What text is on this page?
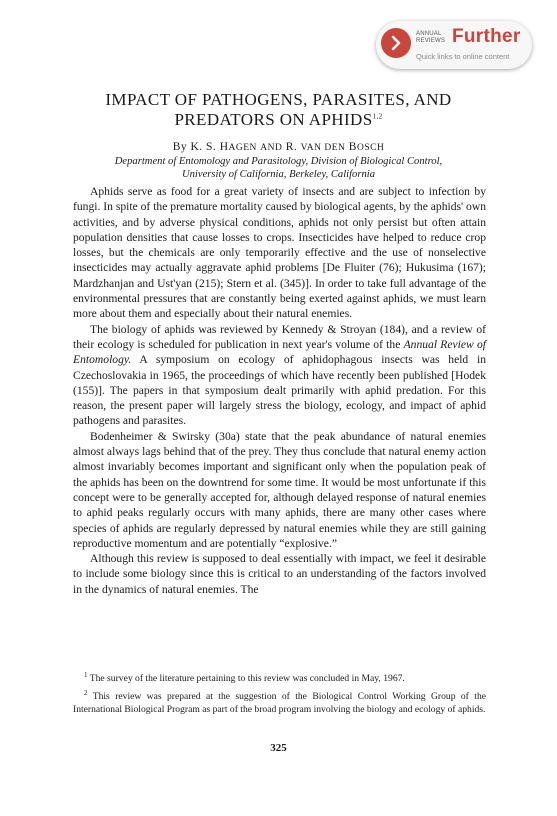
ANNUAL
REVIEWS Further
Quick links to online content
IMPACT OF PATHOGENS, PARASITES, AND
PREDATORS ON APHIDS$^{1,2}$
By K. S. HAGEN AND R. VAN DEN BOSCH
Department of Entomology and Parasitology, Division of Biological Control,
University of California, Berkeley, California

Aphids serve as food for a great variety of insects and are subject to infection by fungi. In spite of the premature mortality caused by biological agents, by the aphids' own activities, and by adverse physical conditions, aphids not only persist but often attain population densities that cause losses to crops. Insecticides have helped to reduce crop losses, but the chemicals are only temporarily effective and the use of nonselective insecticides may actually aggravate aphid problems [De Fluiter (76); Hukusima (167); Mardzhanjan and Ust'yan (215); Stern et al. (345)]. In order to take full advantage of the environmental pressures that are constantly being exerted against aphids, we must learn more about them and especially about their natural enemies.

The biology of aphids was reviewed by Kennedy & Stroyan (184), and a review of their ecology is scheduled for publication in next year's volume of the Annual Review of Entomology. A symposium on ecology of aphidophagous insects was held in Czechoslovakia in 1965, the proceedings of which have recently been published [Hodek (155)]. The papers in that symposium dealt primarily with aphid predation. For this reason, the present paper will largely stress the biology, ecology, and impact of aphid pathogens and parasites.

Bodenheimer & Swirsky (30a) state that the peak abundance of natural enemies almost always lags behind that of the prey. They thus conclude that natural enemy action almost invariably becomes important and significant only when the population peak of the aphids has been on the downtrend for some time. It would be most unfortunate if this concept were to be generally accepted for, although delayed response of natural enemies to aphid peaks regularly occurs with many aphids, there are many other cases where species of aphids are regularly depressed by natural enemies while they are still gaining reproductive momentum and are potentially “explosive.”

Although this review is supposed to deal essentially with impact, we feel it desirable to include some biology since this is critical to an understanding of the factors involved in the dynamics of natural enemies. The

$^1$ The survey of the literature pertaining to this review was concluded in May, 1967.

$^2$ This review was prepared at the suggestion of the Biological Control Working Group of the International Biological Program as part of the broad program involving the biology and ecology of aphids.

325
